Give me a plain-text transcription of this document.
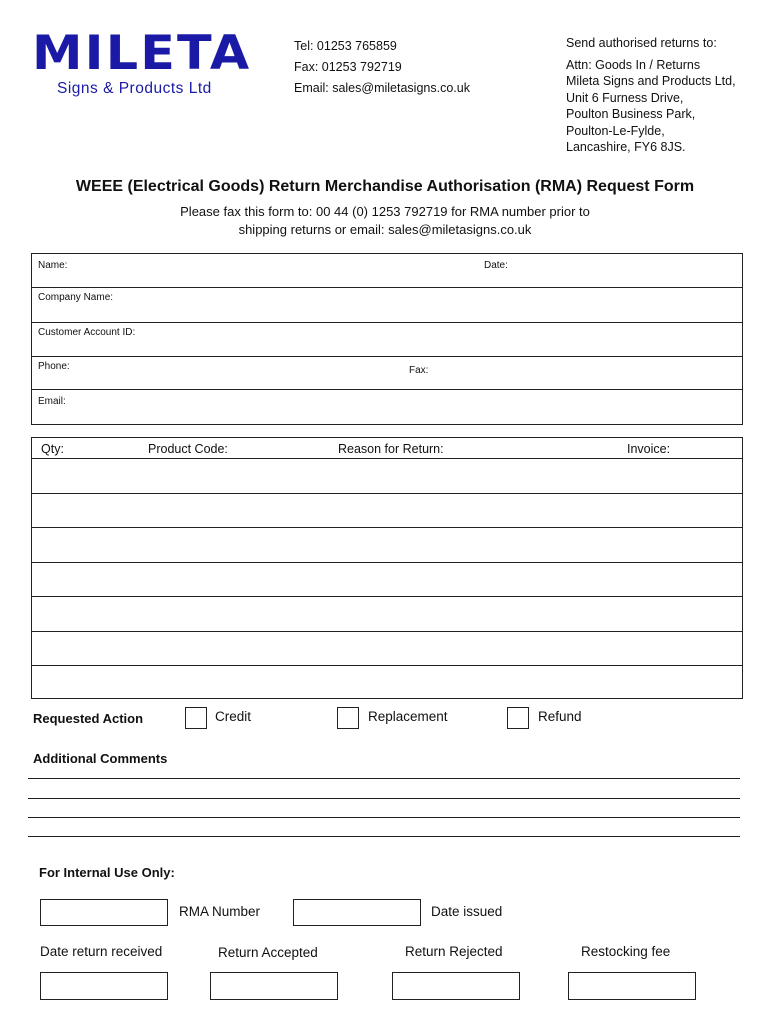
MILETA
Signs & Products Ltd
Tel: 01253 765859
Fax: 01253 792719
Email: sales@miletasigns.co.uk
Send authorised returns to:
Attn: Goods In / Returns
Mileta Signs and Products Ltd,
Unit 6 Furness Drive,
Poulton Business Park,
Poulton-Le-Fylde,
Lancashire, FY6 8JS.
WEEE (Electrical Goods) Return Merchandise Authorisation (RMA) Request Form
Please fax this form to: 00 44 (0) 1253 792719 for RMA number prior to
shipping returns or email: sales@miletasigns.co.uk
Name:	Date:
Company Name:
Customer Account ID:
Phone:	Fax:
Email:
Qty:	Product Code:	Reason for Return:	Invoice:
Requested Action	Credit	Replacement	Refund
Additional Comments
For Internal Use Only:
RMA Number	Date issued
Date return received	Return Accepted	Return Rejected	Restocking fee
